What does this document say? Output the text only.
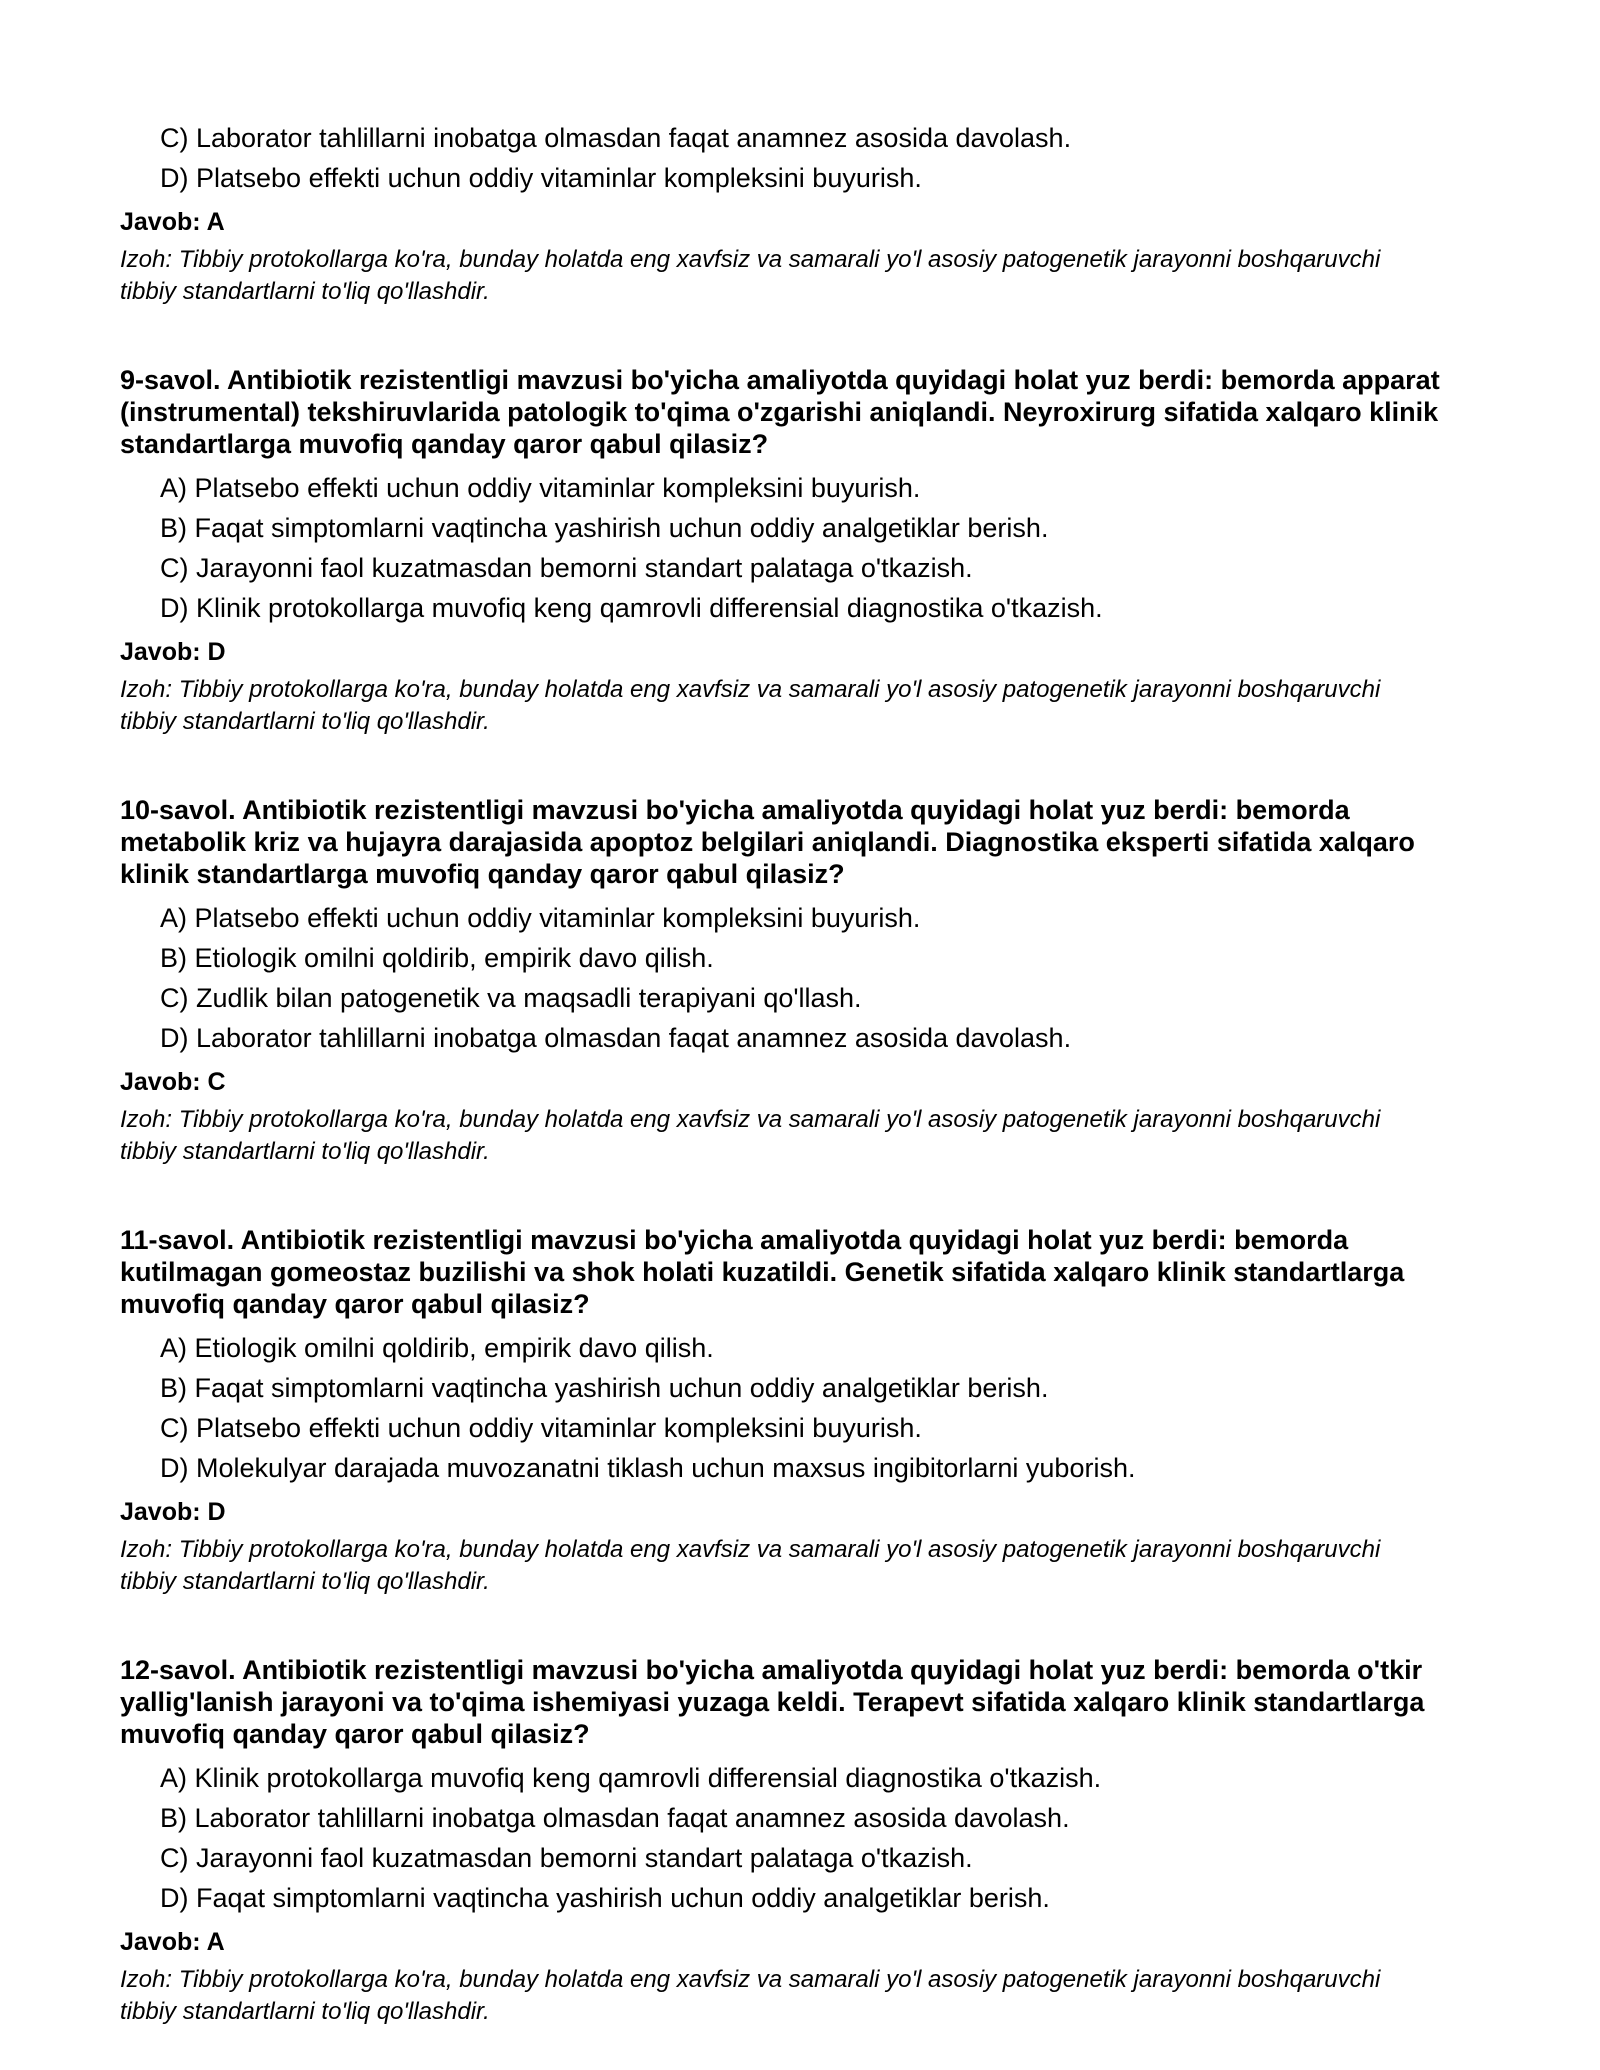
C) Laborator tahlillarni inobatga olmasdan faqat anamnez asosida davolash.
D) Platsebo effekti uchun oddiy vitaminlar kompleksini buyurish.
Javob: A
Izoh: Tibbiy protokollarga ko'ra, bunday holatda eng xavfsiz va samarali yo'l asosiy patogenetik jarayonni boshqaruvchi tibbiy standartlarni to'liq qo'llashdir.
9-savol. Antibiotik rezistentligi mavzusi bo'yicha amaliyotda quyidagi holat yuz berdi: bemorda apparat (instrumental) tekshiruvlarida patologik to'qima o'zgarishi aniqlandi. Neyroxirurg sifatida xalqaro klinik standartlarga muvofiq qanday qaror qabul qilasiz?
A) Platsebo effekti uchun oddiy vitaminlar kompleksini buyurish.
B) Faqat simptomlarni vaqtincha yashirish uchun oddiy analgetiklar berish.
C) Jarayonni faol kuzatmasdan bemorni standart palataga o'tkazish.
D) Klinik protokollarga muvofiq keng qamrovli differensial diagnostika o'tkazish.
Javob: D
Izoh: Tibbiy protokollarga ko'ra, bunday holatda eng xavfsiz va samarali yo'l asosiy patogenetik jarayonni boshqaruvchi tibbiy standartlarni to'liq qo'llashdir.
10-savol. Antibiotik rezistentligi mavzusi bo'yicha amaliyotda quyidagi holat yuz berdi: bemorda metabolik kriz va hujayra darajasida apoptoz belgilari aniqlandi. Diagnostika eksperti sifatida xalqaro klinik standartlarga muvofiq qanday qaror qabul qilasiz?
A) Platsebo effekti uchun oddiy vitaminlar kompleksini buyurish.
B) Etiologik omilni qoldirib, empirik davo qilish.
C) Zudlik bilan patogenetik va maqsadli terapiyani qo'llash.
D) Laborator tahlillarni inobatga olmasdan faqat anamnez asosida davolash.
Javob: C
Izoh: Tibbiy protokollarga ko'ra, bunday holatda eng xavfsiz va samarali yo'l asosiy patogenetik jarayonni boshqaruvchi tibbiy standartlarni to'liq qo'llashdir.
11-savol. Antibiotik rezistentligi mavzusi bo'yicha amaliyotda quyidagi holat yuz berdi: bemorda kutilmagan gomeostaz buzilishi va shok holati kuzatildi. Genetik sifatida xalqaro klinik standartlarga muvofiq qanday qaror qabul qilasiz?
A) Etiologik omilni qoldirib, empirik davo qilish.
B) Faqat simptomlarni vaqtincha yashirish uchun oddiy analgetiklar berish.
C) Platsebo effekti uchun oddiy vitaminlar kompleksini buyurish.
D) Molekulyar darajada muvozanatni tiklash uchun maxsus ingibitorlarni yuborish.
Javob: D
Izoh: Tibbiy protokollarga ko'ra, bunday holatda eng xavfsiz va samarali yo'l asosiy patogenetik jarayonni boshqaruvchi tibbiy standartlarni to'liq qo'llashdir.
12-savol. Antibiotik rezistentligi mavzusi bo'yicha amaliyotda quyidagi holat yuz berdi: bemorda o'tkir yallig'lanish jarayoni va to'qima ishemiyasi yuzaga keldi. Terapevt sifatida xalqaro klinik standartlarga muvofiq qanday qaror qabul qilasiz?
A) Klinik protokollarga muvofiq keng qamrovli differensial diagnostika o'tkazish.
B) Laborator tahlillarni inobatga olmasdan faqat anamnez asosida davolash.
C) Jarayonni faol kuzatmasdan bemorni standart palataga o'tkazish.
D) Faqat simptomlarni vaqtincha yashirish uchun oddiy analgetiklar berish.
Javob: A
Izoh: Tibbiy protokollarga ko'ra, bunday holatda eng xavfsiz va samarali yo'l asosiy patogenetik jarayonni boshqaruvchi tibbiy standartlarni to'liq qo'llashdir.
